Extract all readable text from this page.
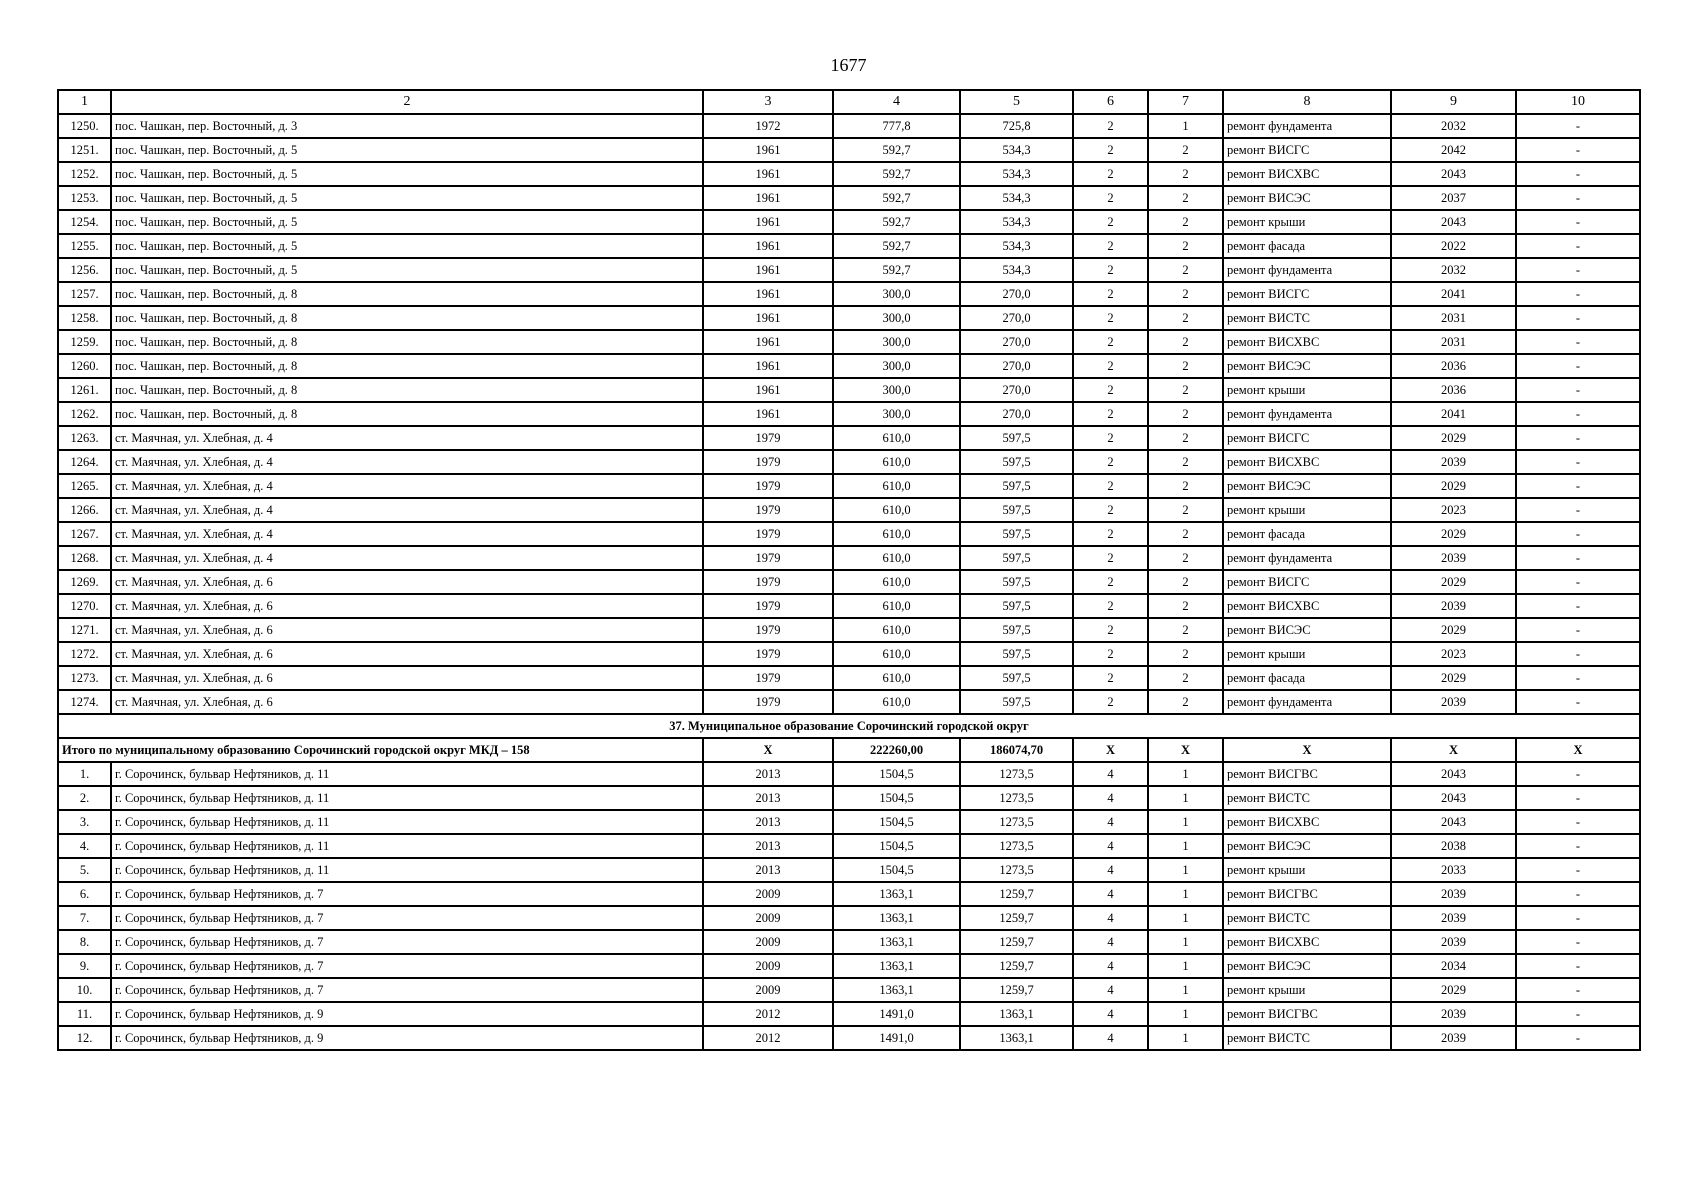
1677
1	2	3	4	5	6	7	8	9	10
1250.	пос. Чашкан, пер. Восточный, д. 3	1972	777,8	725,8	2	1	ремонт фундамента	2032	-
1251.	пос. Чашкан, пер. Восточный, д. 5	1961	592,7	534,3	2	2	ремонт ВИСГС	2042	-
1252.	пос. Чашкан, пер. Восточный, д. 5	1961	592,7	534,3	2	2	ремонт ВИСХВС	2043	-
1253.	пос. Чашкан, пер. Восточный, д. 5	1961	592,7	534,3	2	2	ремонт ВИСЭС	2037	-
1254.	пос. Чашкан, пер. Восточный, д. 5	1961	592,7	534,3	2	2	ремонт крыши	2043	-
1255.	пос. Чашкан, пер. Восточный, д. 5	1961	592,7	534,3	2	2	ремонт фасада	2022	-
1256.	пос. Чашкан, пер. Восточный, д. 5	1961	592,7	534,3	2	2	ремонт фундамента	2032	-
1257.	пос. Чашкан, пер. Восточный, д. 8	1961	300,0	270,0	2	2	ремонт ВИСГС	2041	-
1258.	пос. Чашкан, пер. Восточный, д. 8	1961	300,0	270,0	2	2	ремонт ВИСТС	2031	-
1259.	пос. Чашкан, пер. Восточный, д. 8	1961	300,0	270,0	2	2	ремонт ВИСХВС	2031	-
1260.	пос. Чашкан, пер. Восточный, д. 8	1961	300,0	270,0	2	2	ремонт ВИСЭС	2036	-
1261.	пос. Чашкан, пер. Восточный, д. 8	1961	300,0	270,0	2	2	ремонт крыши	2036	-
1262.	пос. Чашкан, пер. Восточный, д. 8	1961	300,0	270,0	2	2	ремонт фундамента	2041	-
1263.	ст. Маячная, ул. Хлебная, д. 4	1979	610,0	597,5	2	2	ремонт ВИСГС	2029	-
1264.	ст. Маячная, ул. Хлебная, д. 4	1979	610,0	597,5	2	2	ремонт ВИСХВС	2039	-
1265.	ст. Маячная, ул. Хлебная, д. 4	1979	610,0	597,5	2	2	ремонт ВИСЭС	2029	-
1266.	ст. Маячная, ул. Хлебная, д. 4	1979	610,0	597,5	2	2	ремонт крыши	2023	-
1267.	ст. Маячная, ул. Хлебная, д. 4	1979	610,0	597,5	2	2	ремонт фасада	2029	-
1268.	ст. Маячная, ул. Хлебная, д. 4	1979	610,0	597,5	2	2	ремонт фундамента	2039	-
1269.	ст. Маячная, ул. Хлебная, д. 6	1979	610,0	597,5	2	2	ремонт ВИСГС	2029	-
1270.	ст. Маячная, ул. Хлебная, д. 6	1979	610,0	597,5	2	2	ремонт ВИСХВС	2039	-
1271.	ст. Маячная, ул. Хлебная, д. 6	1979	610,0	597,5	2	2	ремонт ВИСЭС	2029	-
1272.	ст. Маячная, ул. Хлебная, д. 6	1979	610,0	597,5	2	2	ремонт крыши	2023	-
1273.	ст. Маячная, ул. Хлебная, д. 6	1979	610,0	597,5	2	2	ремонт фасада	2029	-
1274.	ст. Маячная, ул. Хлебная, д. 6	1979	610,0	597,5	2	2	ремонт фундамента	2039	-
37. Муниципальное образование Сорочинский городской округ									
Итого по муниципальному образованию Сорочинский городской округ МКД – 158		Х	222260,00	186074,70	Х	Х	Х	Х	Х
1.	г. Сорочинск, бульвар Нефтяников, д. 11	2013	1504,5	1273,5	4	1	ремонт ВИСГВС	2043	-
2.	г. Сорочинск, бульвар Нефтяников, д. 11	2013	1504,5	1273,5	4	1	ремонт ВИСТС	2043	-
3.	г. Сорочинск, бульвар Нефтяников, д. 11	2013	1504,5	1273,5	4	1	ремонт ВИСХВС	2043	-
4.	г. Сорочинск, бульвар Нефтяников, д. 11	2013	1504,5	1273,5	4	1	ремонт ВИСЭС	2038	-
5.	г. Сорочинск, бульвар Нефтяников, д. 11	2013	1504,5	1273,5	4	1	ремонт крыши	2033	-
6.	г. Сорочинск, бульвар Нефтяников, д. 7	2009	1363,1	1259,7	4	1	ремонт ВИСГВС	2039	-
7.	г. Сорочинск, бульвар Нефтяников, д. 7	2009	1363,1	1259,7	4	1	ремонт ВИСТС	2039	-
8.	г. Сорочинск, бульвар Нефтяников, д. 7	2009	1363,1	1259,7	4	1	ремонт ВИСХВС	2039	-
9.	г. Сорочинск, бульвар Нефтяников, д. 7	2009	1363,1	1259,7	4	1	ремонт ВИСЭС	2034	-
10.	г. Сорочинск, бульвар Нефтяников, д. 7	2009	1363,1	1259,7	4	1	ремонт крыши	2029	-
11.	г. Сорочинск, бульвар Нефтяников, д. 9	2012	1491,0	1363,1	4	1	ремонт ВИСГВС	2039	-
12.	г. Сорочинск, бульвар Нефтяников, д. 9	2012	1491,0	1363,1	4	1	ремонт ВИСТС	2039	-
